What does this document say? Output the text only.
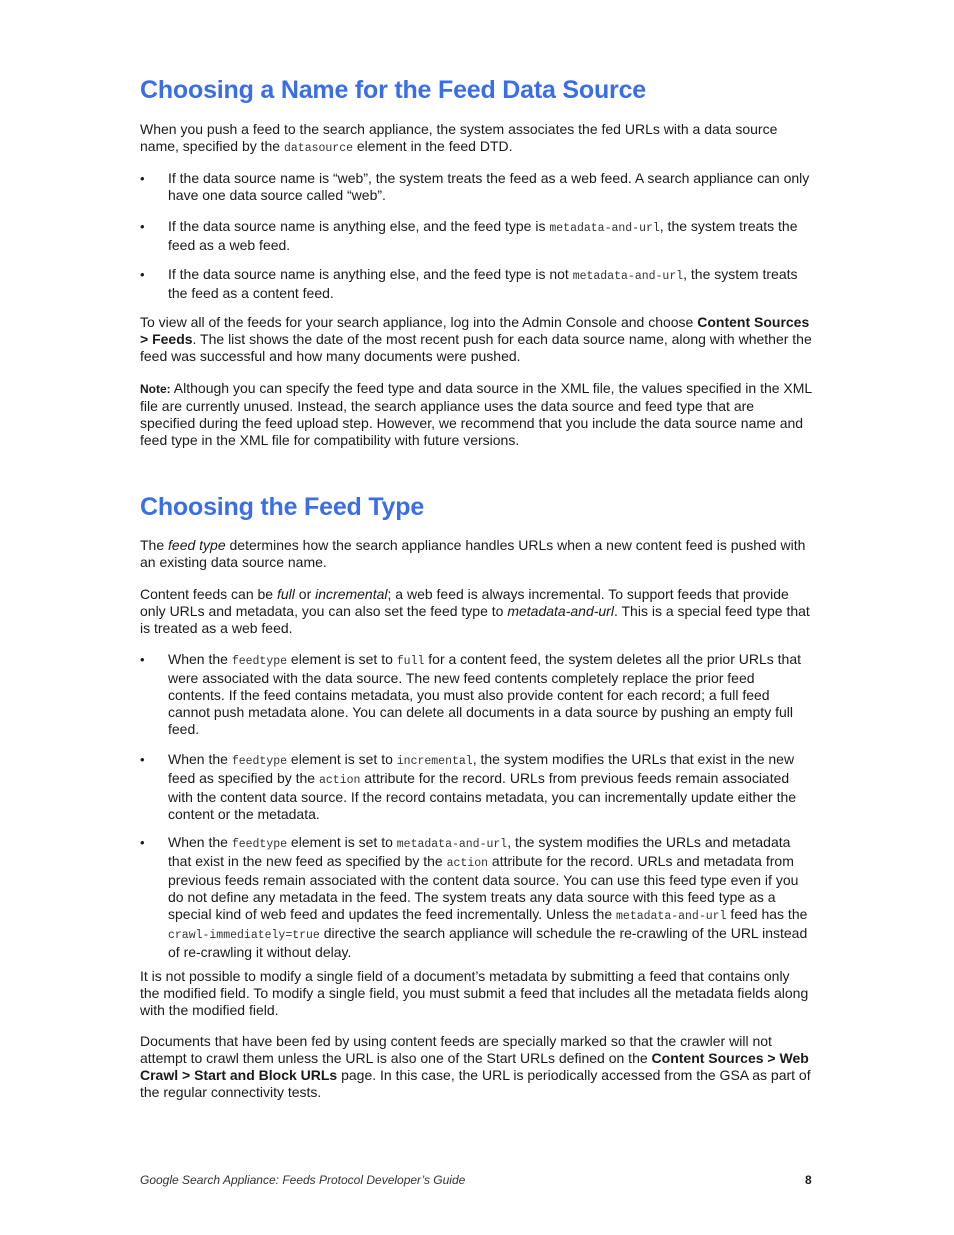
Choosing a Name for the Feed Data Source

When you push a feed to the search appliance, the system associates the fed URLs with a data source name, specified by the datasource element in the feed DTD.

• If the data source name is “web”, the system treats the feed as a web feed. A search appliance can only have one data source called “web”.

• If the data source name is anything else, and the feed type is metadata-and-url, the system treats the feed as a web feed.

• If the data source name is anything else, and the feed type is not metadata-and-url, the system treats the feed as a content feed.

To view all of the feeds for your search appliance, log into the Admin Console and choose Content Sources > Feeds. The list shows the date of the most recent push for each data source name, along with whether the feed was successful and how many documents were pushed.

Note: Although you can specify the feed type and data source in the XML file, the values specified in the XML file are currently unused. Instead, the search appliance uses the data source and feed type that are specified during the feed upload step. However, we recommend that you include the data source name and feed type in the XML file for compatibility with future versions.

Choosing the Feed Type

The feed type determines how the search appliance handles URLs when a new content feed is pushed with an existing data source name.

Content feeds can be full or incremental; a web feed is always incremental. To support feeds that provide only URLs and metadata, you can also set the feed type to metadata-and-url. This is a special feed type that is treated as a web feed.

• When the feedtype element is set to full for a content feed, the system deletes all the prior URLs that were associated with the data source. The new feed contents completely replace the prior feed contents. If the feed contains metadata, you must also provide content for each record; a full feed cannot push metadata alone. You can delete all documents in a data source by pushing an empty full feed.

• When the feedtype element is set to incremental, the system modifies the URLs that exist in the new feed as specified by the action attribute for the record. URLs from previous feeds remain associated with the content data source. If the record contains metadata, you can incrementally update either the content or the metadata.

• When the feedtype element is set to metadata-and-url, the system modifies the URLs and metadata that exist in the new feed as specified by the action attribute for the record. URLs and metadata from previous feeds remain associated with the content data source. You can use this feed type even if you do not define any metadata in the feed. The system treats any data source with this feed type as a special kind of web feed and updates the feed incrementally. Unless the metadata-and-url feed has the crawl-immediately=true directive the search appliance will schedule the re-crawling of the URL instead of re-crawling it without delay.

It is not possible to modify a single field of a document’s metadata by submitting a feed that contains only the modified field. To modify a single field, you must submit a feed that includes all the metadata fields along with the modified field.

Documents that have been fed by using content feeds are specially marked so that the crawler will not attempt to crawl them unless the URL is also one of the Start URLs defined on the Content Sources > Web Crawl > Start and Block URLs page. In this case, the URL is periodically accessed from the GSA as part of the regular connectivity tests.

Google Search Appliance: Feeds Protocol Developer’s Guide	8
